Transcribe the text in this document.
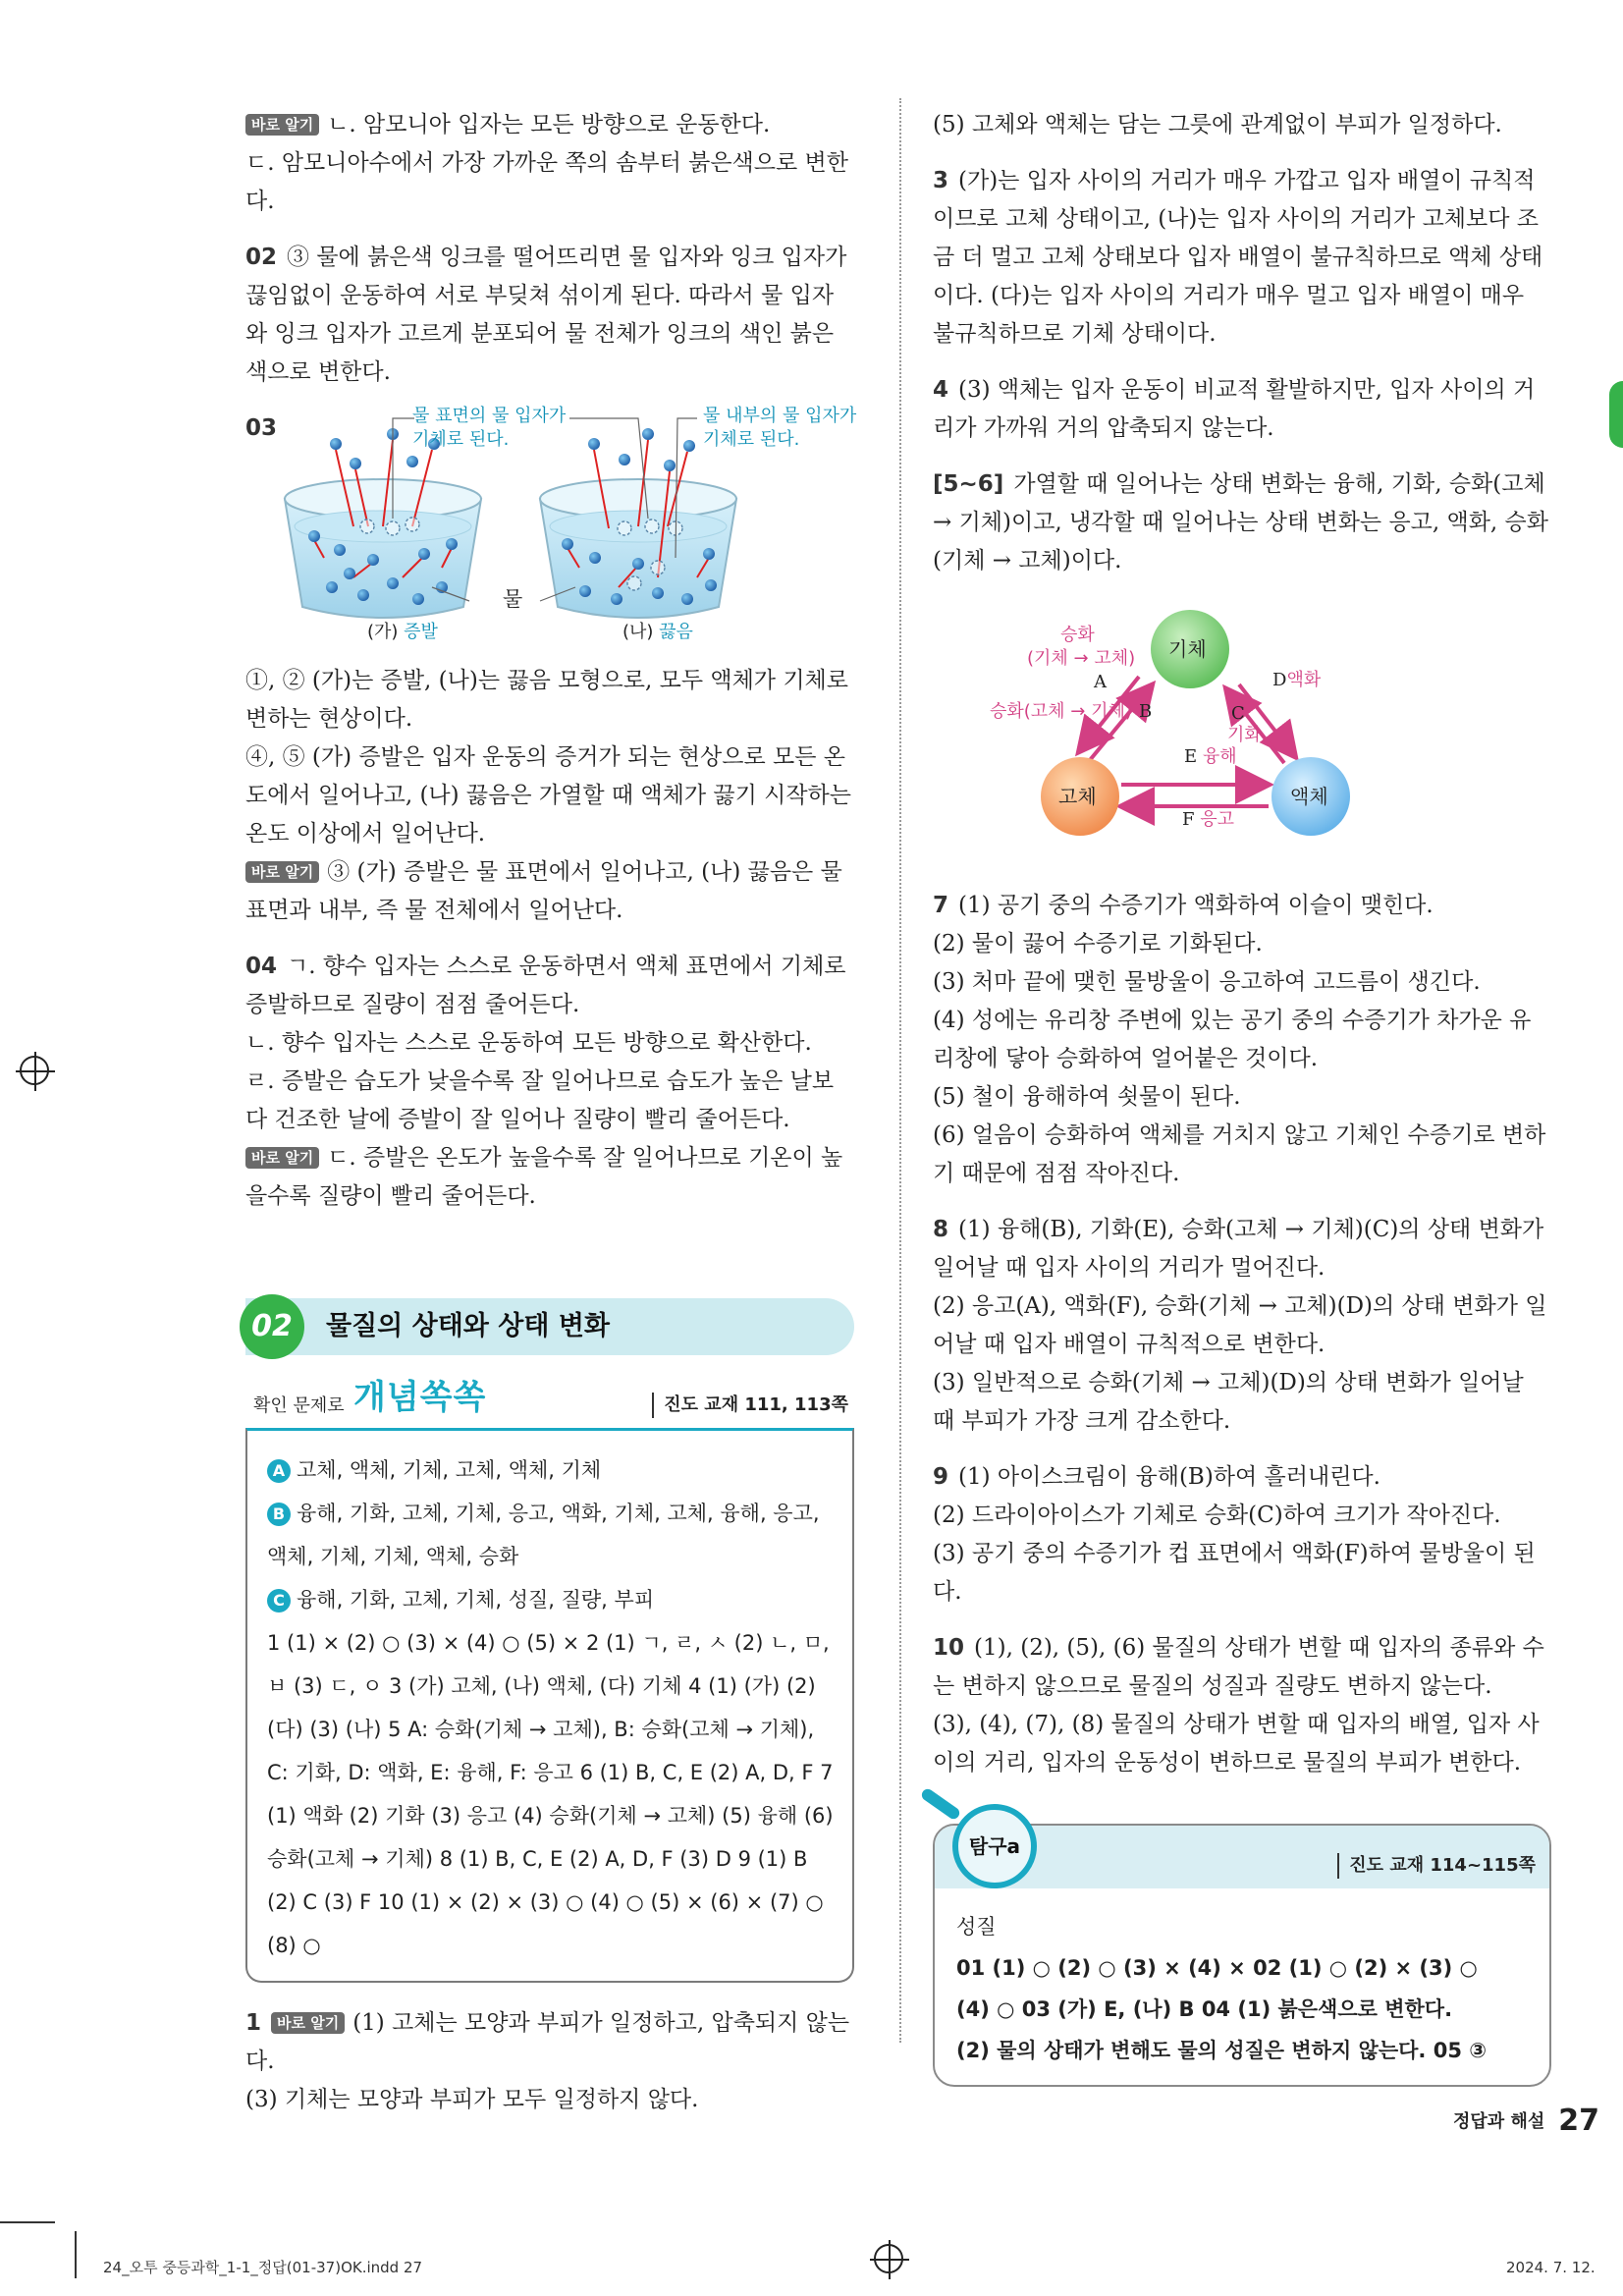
바로 알기 ㄴ. 암모니아 입자는 모든 방향으로 운동한다.

ㄷ. 암모니아수에서 가장 가까운 쪽의 솜부터 붉은색으로 변한다.

02 ③ 물에 붉은색 잉크를 떨어뜨리면 물 입자와 잉크 입자가 끊임없이 운동하여 서로 부딪쳐 섞이게 된다. 따라서 물 입자와 잉크 입자가 고르게 분포되어 물 전체가 잉크의 색인 붉은색으로 변한다.

03	물 표면의 물 입자가 기체로 된다.
물 내부의 물 입자가 기체로 된다.
물
(가) 증발	(나) 끓음

①, ② (가)는 증발, (나)는 끓음 모형으로, 모두 액체가 기체로 변하는 현상이다.

④, ⑤ (가) 증발은 입자 운동의 증거가 되는 현상으로 모든 온도에서 일어나고, (나) 끓음은 가열할 때 액체가 끓기 시작하는 온도 이상에서 일어난다.

바로 알기 ③ (가) 증발은 물 표면에서 일어나고, (나) 끓음은 물 표면과 내부, 즉 물 전체에서 일어난다.

04 ㄱ. 향수 입자는 스스로 운동하면서 액체 표면에서 기체로 증발하므로 질량이 점점 줄어든다.

ㄴ. 향수 입자는 스스로 운동하여 모든 방향으로 확산한다.

ㄹ. 증발은 습도가 낮을수록 잘 일어나므로 습도가 높은 날보다 건조한 날에 증발이 잘 일어나 질량이 빨리 줄어든다.

바로 알기 ㄷ. 증발은 온도가 높을수록 잘 일어나므로 기온이 높을수록 질량이 빨리 줄어든다.

02	물질의 상태와 상태 변화
확인 문제로 개념쏙쏙	진도 교재 111, 113쪽

A 고체, 액체, 기체, 고체, 액체, 기체

B 융해, 기화, 고체, 기체, 응고, 액화, 기체, 고체, 융해, 응고, 액체, 기체, 기체, 액체, 승화

C 융해, 기화, 고체, 기체, 성질, 질량, 부피

1 (1) × (2) ○ (3) × (4) ○ (5) × 2 (1) ㄱ, ㄹ, ㅅ (2) ㄴ, ㅁ, ㅂ (3) ㄷ, ㅇ 3 (가) 고체, (나) 액체, (다) 기체 4 (1) (가) (2) (다) (3) (나) 5 A: 승화(기체 → 고체), B: 승화(고체 → 기체), C: 기화, D: 액화, E: 융해, F: 응고 6 (1) B, C, E (2) A, D, F 7 (1) 액화 (2) 기화 (3) 응고 (4) 승화(기체 → 고체) (5) 융해 (6) 승화(고체 → 기체) 8 (1) B, C, E (2) A, D, F (3) D 9 (1) B (2) C (3) F 10 (1) × (2) × (3) ○ (4) ○ (5) × (6) × (7) ○ (8) ○

1 바로 알기 (1) 고체는 모양과 부피가 일정하고, 압축되지 않는다.

(3) 기체는 모양과 부피가 모두 일정하지 않다.

(5) 고체와 액체는 담는 그릇에 관계없이 부피가 일정하다.

3 (가)는 입자 사이의 거리가 매우 가깝고 입자 배열이 규칙적이므로 고체 상태이고, (나)는 입자 사이의 거리가 고체보다 조금 더 멀고 고체 상태보다 입자 배열이 불규칙하므로 액체 상태이다. (다)는 입자 사이의 거리가 매우 멀고 입자 배열이 매우 불규칙하므로 기체 상태이다.

4 (3) 액체는 입자 운동이 비교적 활발하지만, 입자 사이의 거리가 가까워 거의 압축되지 않는다.

[5~6] 가열할 때 일어나는 상태 변화는 융해, 기화, 승화(고체 → 기체)이고, 냉각할 때 일어나는 상태 변화는 응고, 액화, 승화(기체 → 고체)이다.

기체
고체	액체
승화
(기체 → 고체)
A
승화(고체 → 기체) B
D액화
C
기화
E 융해
F 응고

7 (1) 공기 중의 수증기가 액화하여 이슬이 맺힌다.

(2) 물이 끓어 수증기로 기화된다.

(3) 처마 끝에 맺힌 물방울이 응고하여 고드름이 생긴다.

(4) 성에는 유리창 주변에 있는 공기 중의 수증기가 차가운 유리창에 닿아 승화하여 얼어붙은 것이다.

(5) 철이 융해하여 쇳물이 된다.

(6) 얼음이 승화하여 액체를 거치지 않고 기체인 수증기로 변하기 때문에 점점 작아진다.

8 (1) 융해(B), 기화(E), 승화(고체 → 기체)(C)의 상태 변화가 일어날 때 입자 사이의 거리가 멀어진다.

(2) 응고(A), 액화(F), 승화(기체 → 고체)(D)의 상태 변화가 일어날 때 입자 배열이 규칙적으로 변한다.

(3) 일반적으로 승화(기체 → 고체)(D)의 상태 변화가 일어날 때 부피가 가장 크게 감소한다.

9 (1) 아이스크림이 융해(B)하여 흘러내린다.

(2) 드라이아이스가 기체로 승화(C)하여 크기가 작아진다.

(3) 공기 중의 수증기가 컵 표면에서 액화(F)하여 물방울이 된다.

10 (1), (2), (5), (6) 물질의 상태가 변할 때 입자의 종류와 수는 변하지 않으므로 물질의 성질과 질량도 변하지 않는다.

(3), (4), (7), (8) 물질의 상태가 변할 때 입자의 배열, 입자 사이의 거리, 입자의 운동성이 변하므로 물질의 부피가 변한다.

탐구a
진도 교재 114~115쪽

성질

01 (1) ○ (2) ○ (3) × (4) × 02 (1) ○ (2) × (3) ○

(4) ○ 03 (가) E, (나) B 04 (1) 붉은색으로 변한다.

(2) 물의 상태가 변해도 물의 성질은 변하지 않는다. 05 ③

정답과 해설 27
24_오투 중등과학_1-1_정답(01-37)OK.indd 27	2024. 7. 12.
